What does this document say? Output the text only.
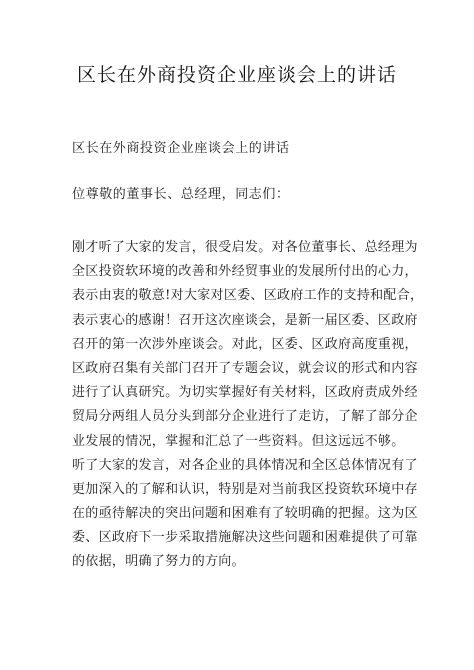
区长在外商投资企业座谈会上的讲话

区长在外商投资企业座谈会上的讲话

位尊敬的董事长、总经理，同志们：

刚才听了大家的发言，很受启发。对各位董事长、总经理为
全区投资软环境的改善和外经贸事业的发展所付出的心力，
表示由衷的敬意!对大家对区委、区政府工作的支持和配合，
表示衷心的感谢！召开这次座谈会，是新一届区委、区政府
召开的第一次涉外座谈会。对此，区委、区政府高度重视，
区政府召集有关部门召开了专题会议，就会议的形式和内容
进行了认真研究。为切实掌握好有关材料，区政府责成外经
贸局分两组人员分头到部分企业进行了走访，了解了部分企
业发展的情况，掌握和汇总了一些资料。但这远远不够。
听了大家的发言，对各企业的具体情况和全区总体情况有了
更加深入的了解和认识，特别是对当前我区投资软环境中存
在的亟待解决的突出问题和困难有了较明确的把握。这为区
委、区政府下一步采取措施解决这些问题和困难提供了可靠
的依据，明确了努力的方向。
